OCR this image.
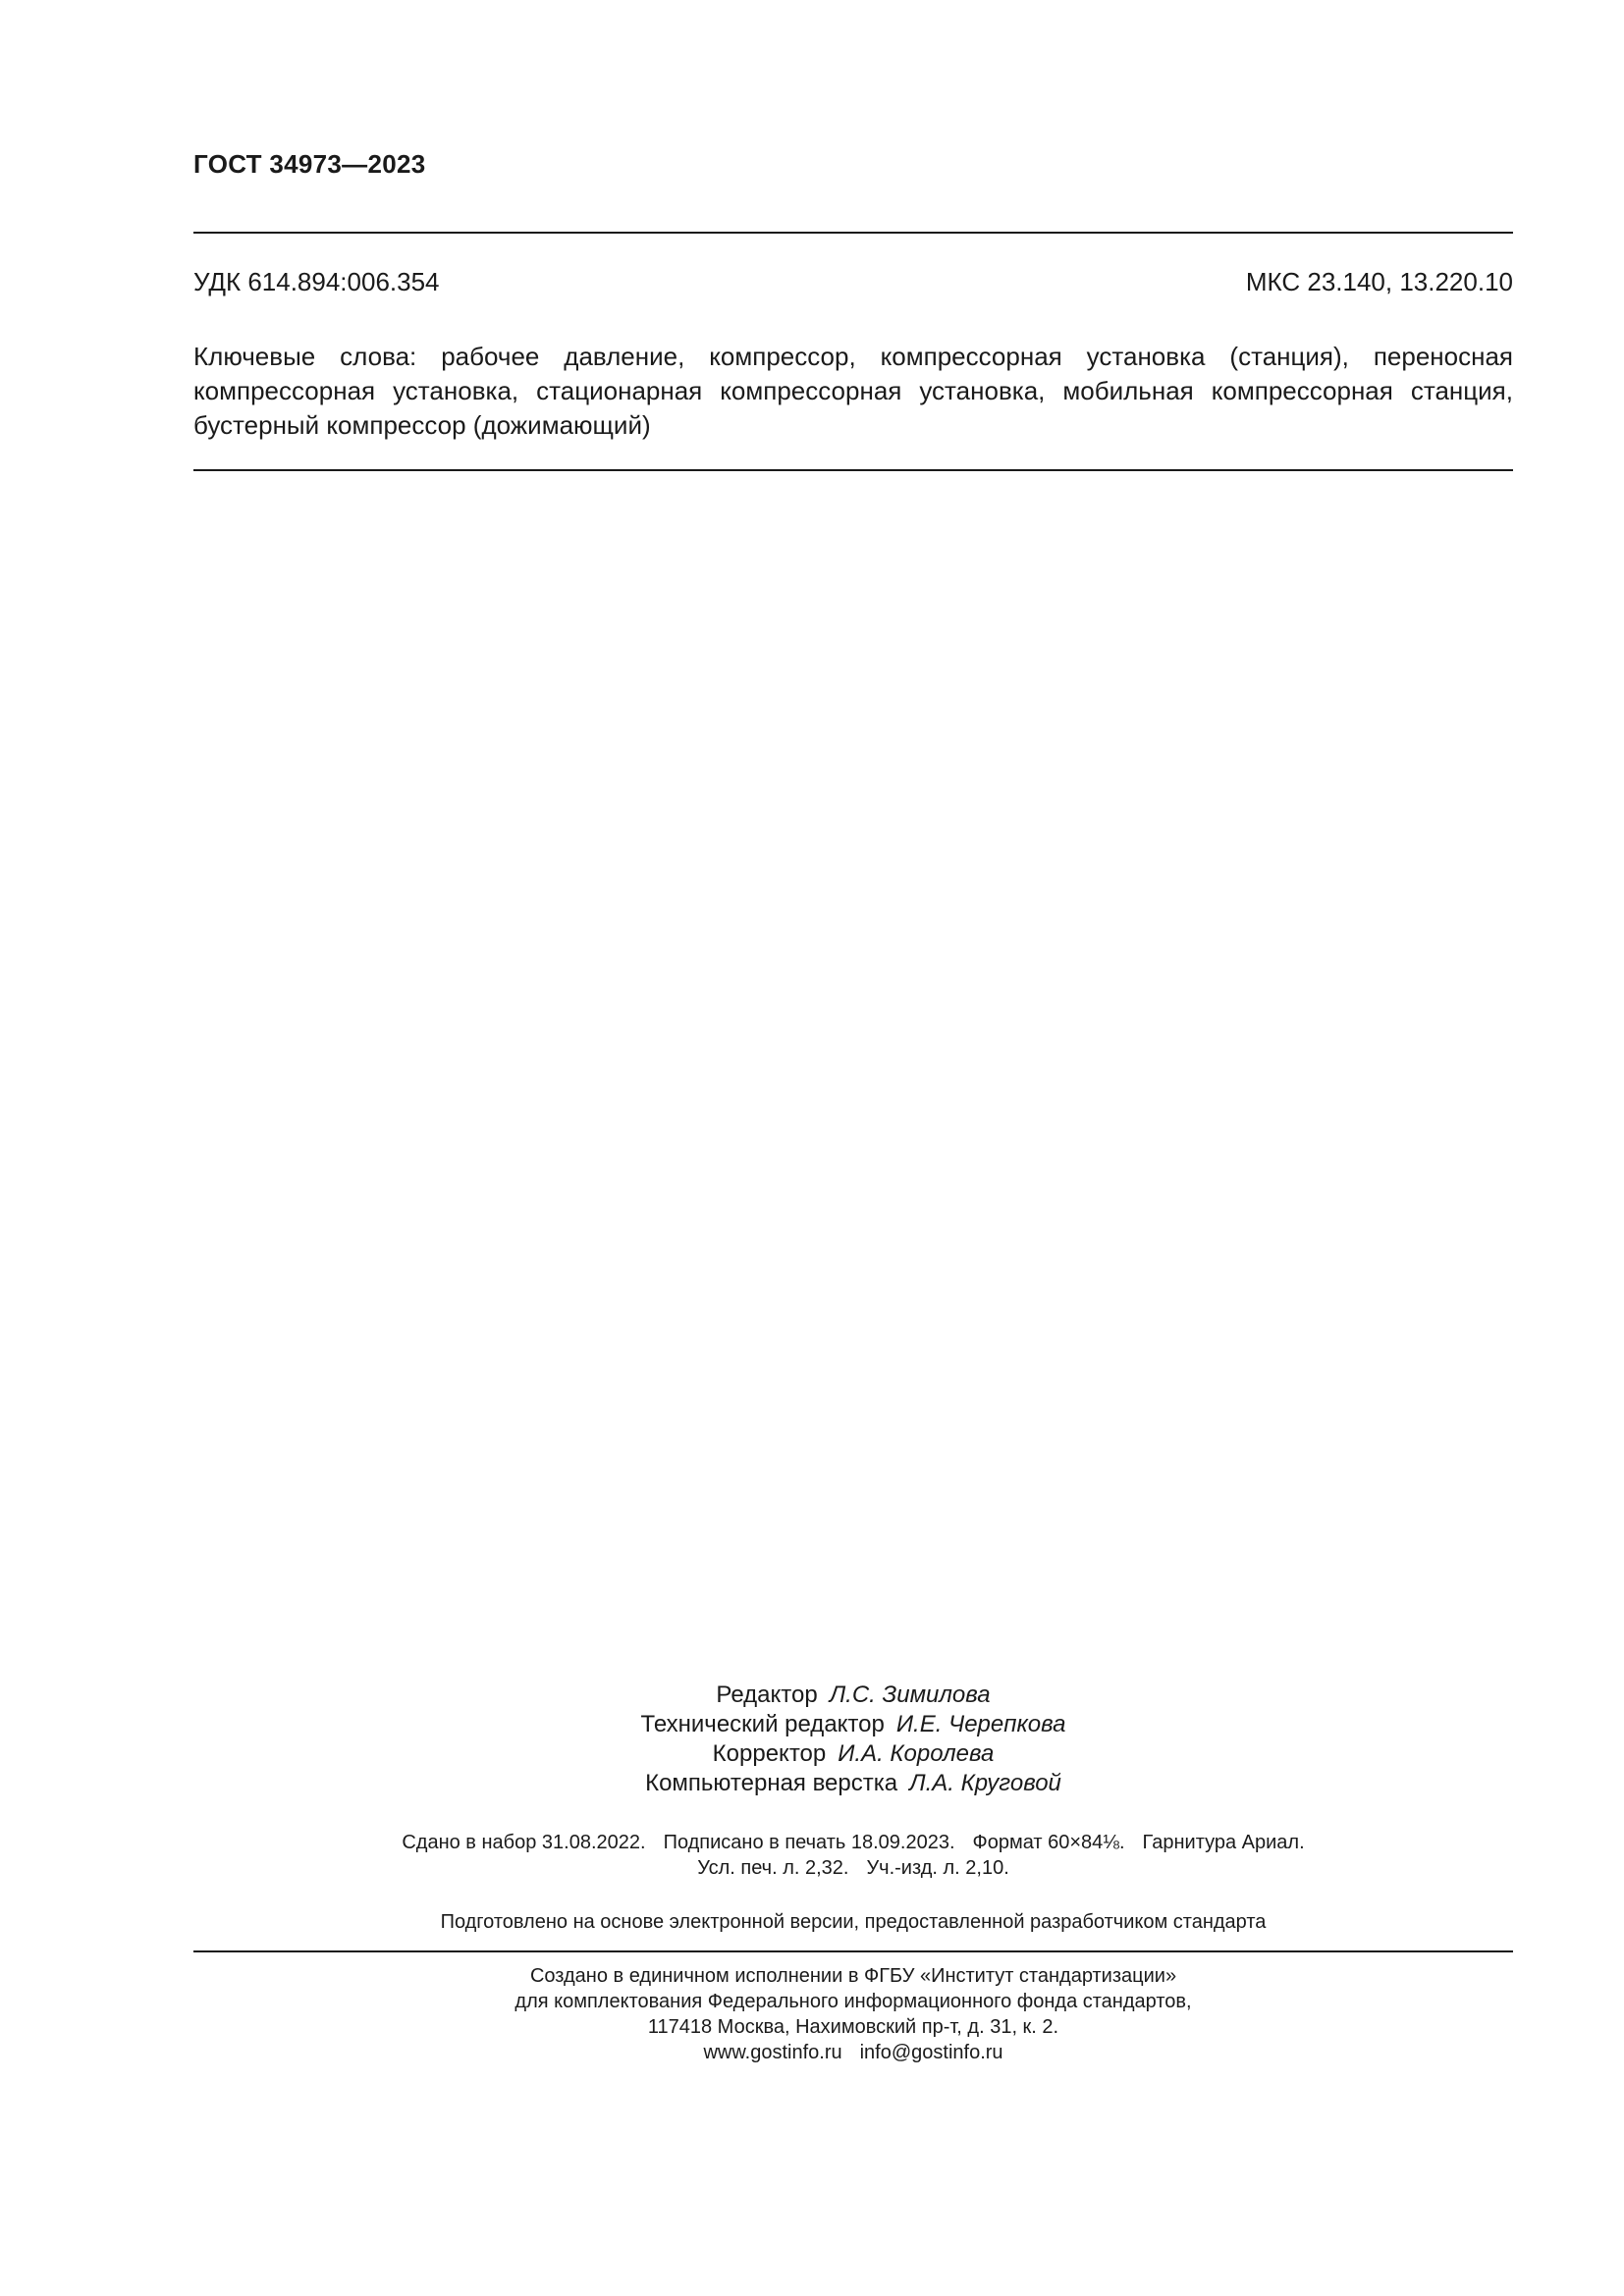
ГОСТ 34973—2023
УДК 614.894:006.354	МКС 23.140, 13.220.10
Ключевые слова: рабочее давление, компрессор, компрессорная установка (станция), переносная компрессорная установка, стационарная компрессорная установка, мобильная компрессорная станция, бустерный компрессор (дожимающий)
Редактор Л.С. Зимилова
Технический редактор И.Е. Черепкова
Корректор И.А. Королева
Компьютерная верстка Л.А. Круговой
Сдано в набор 31.08.2022. Подписано в печать 18.09.2023. Формат 60×84⅛. Гарнитура Ариал.
Усл. печ. л. 2,32. Уч.-изд. л. 2,10.
Подготовлено на основе электронной версии, предоставленной разработчиком стандарта
Создано в единичном исполнении в ФГБУ «Институт стандартизации»
для комплектования Федерального информационного фонда стандартов,
117418 Москва, Нахимовский пр-т, д. 31, к. 2.
www.gostinfo.ru info@gostinfo.ru
